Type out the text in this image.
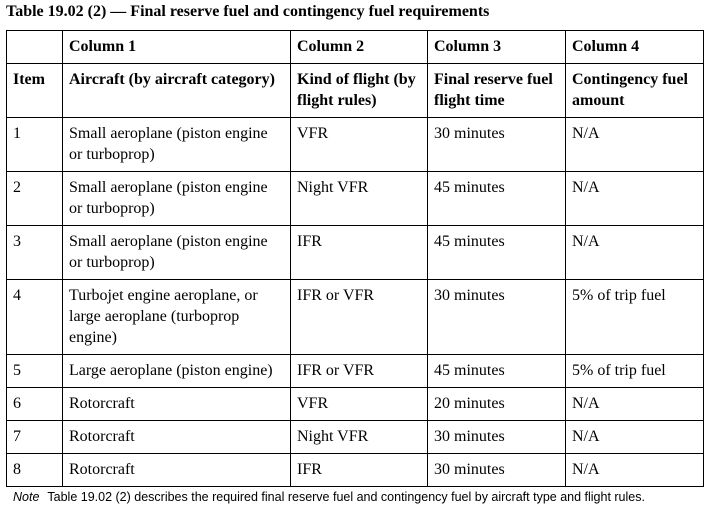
Table 19.02 (2) — Final reserve fuel and contingency fuel requirements
	Column 1	Column 2	Column 3	Column 4
Item	Aircraft (by aircraft category)	Kind of flight (by flight rules)	Final reserve fuel flight time	Contingency fuel amount
1	Small aeroplane (piston engine or turboprop)	VFR	30 minutes	N/A
2	Small aeroplane (piston engine or turboprop)	Night VFR	45 minutes	N/A
3	Small aeroplane (piston engine or turboprop)	IFR	45 minutes	N/A
4	Turbojet engine aeroplane, or large aeroplane (turboprop engine)	IFR or VFR	30 minutes	5% of trip fuel
5	Large aeroplane (piston engine)	IFR or VFR	45 minutes	5% of trip fuel
6	Rotorcraft	VFR	20 minutes	N/A
7	Rotorcraft	Night VFR	30 minutes	N/A
8	Rotorcraft	IFR	30 minutes	N/A
Note Table 19.02 (2) describes the required final reserve fuel and contingency fuel by aircraft type and flight rules.
